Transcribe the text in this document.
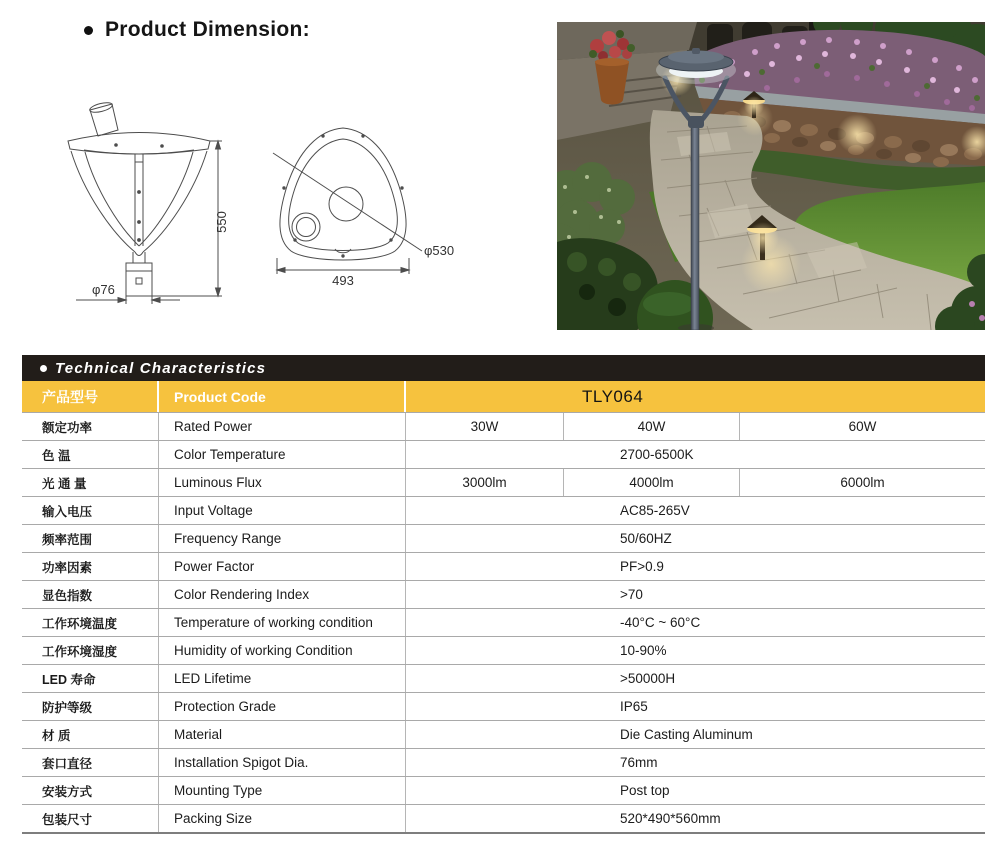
Product Dimension:
550
φ76
φ530
493
Technical Characteristics
产品型号	Product Code	TLY064
额定功率	Rated Power	30W	40W	60W
色 温	Color Temperature	2700-6500K
光 通 量	Luminous Flux	3000lm	4000lm	6000lm
输入电压	Input Voltage	AC85-265V
频率范围	Frequency Range	50/60HZ
功率因素	Power Factor	PF>0.9
显色指数	Color Rendering Index	>70
工作环境温度	Temperature of working condition	-40°C ~ 60°C
工作环境湿度	Humidity of working Condition	10-90%
LED 寿命	LED Lifetime	>50000H
防护等级	Protection Grade	IP65
材 质	Material	Die Casting Aluminum
套口直径	Installation Spigot Dia.	76mm
安装方式	Mounting Type	Post top
包装尺寸	Packing Size	520*490*560mm
